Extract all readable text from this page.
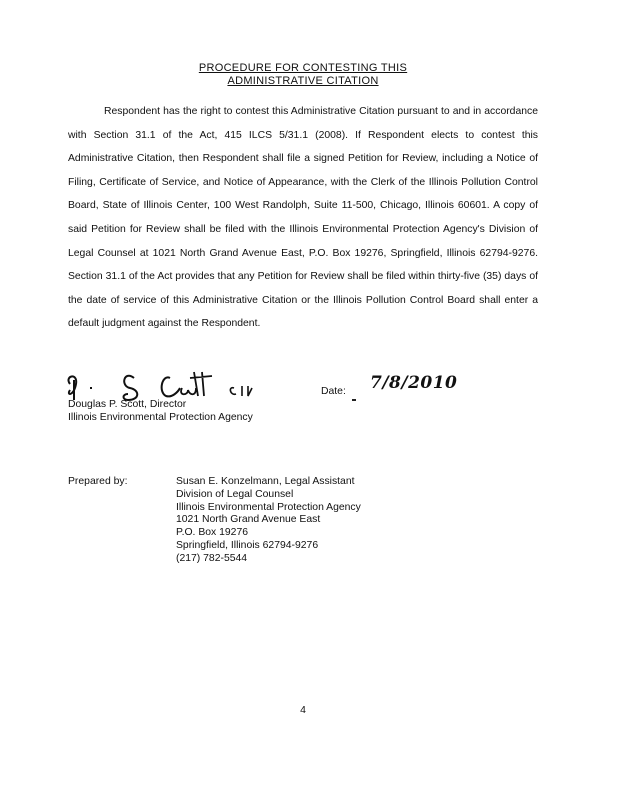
PROCEDURE FOR CONTESTING THIS
ADMINISTRATIVE CITATION

Respondent has the right to contest this Administrative Citation pursuant to and in accordance with Section 31.1 of the Act, 415 ILCS 5/31.1 (2008). If Respondent elects to contest this Administrative Citation, then Respondent shall file a signed Petition for Review, including a Notice of Filing, Certificate of Service, and Notice of Appearance, with the Clerk of the Illinois Pollution Control Board, State of Illinois Center, 100 West Randolph, Suite 11-500, Chicago, Illinois 60601. A copy of said Petition for Review shall be filed with the Illinois Environmental Protection Agency's Division of Legal Counsel at 1021 North Grand Avenue East, P.O. Box 19276, Springfield, Illinois 62794-9276. Section 31.1 of the Act provides that any Petition for Review shall be filed within thirty-five (35) days of the date of service of this Administrative Citation or the Illinois Pollution Control Board shall enter a default judgment against the Respondent.

Douglas P. Scott, Director
Illinois Environmental Protection Agency
Date: 7/8/2010
Prepared by:	Susan E. Konzelmann, Legal Assistant
Division of Legal Counsel
Illinois Environmental Protection Agency
1021 North Grand Avenue East
P.O. Box 19276
Springfield, Illinois 62794-9276
(217) 782-5544
4
